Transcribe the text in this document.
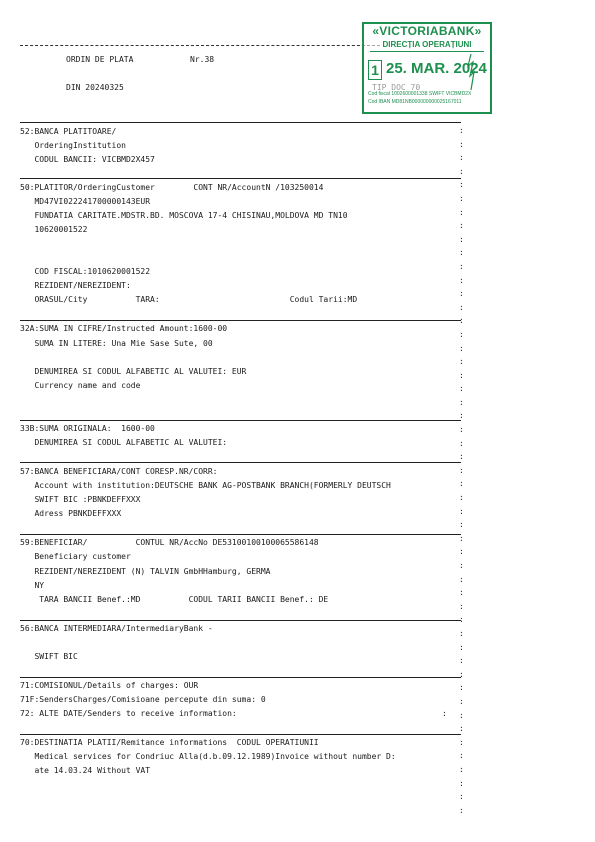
ORDIN DE PLATA	Nr.38
DIN 20240325
«VICTORIABANK»
DIRECȚIA OPERAȚIUNI
1 25. MAR. 2024
Cod fiscal 1002600001338 SWIFT VICBMD2X
Cod IBAN MD81NB000000000025167011
:
:
:
:
:
:
:
:
:
:
:
:
:
:
:
:
:
:
:
:
:
:
:
:
:
:
:
:
:
:
:
:
:
:
:
:
:
:
:
:
:
:
:
:
:
:
:
:
:
:
:
52:BANCA PLATITOARE/
OrderingInstitution
CODUL BANCII: VICBMD2X457
50:PLATITOR/OrderingCustomer        CONT NR/AccountN /103250014
MD47VI022241700000143EUR
FUNDATIA CARITATE.MDSTR.BD. MOSCOVA 17-4 CHISINAU,MOLDOVA MD TN10
10620001522
COD FISCAL:1010620001522
REZIDENT/NEREZIDENT:
ORASUL/City          TARA:                           Codul Tarii:MD
32A:SUMA IN CIFRE/Instructed Amount:1600-00
SUMA IN LITERE: Una Mie Sase Sute, 00
DENUMIREA SI CODUL ALFABETIC AL VALUTEI: EUR
Currency name and code
33B:SUMA ORIGINALA:  1600-00
DENUMIREA SI CODUL ALFABETIC AL VALUTEI:
57:BANCA BENEFICIARA/CONT CORESP.NR/CORR:
Account with institution:DEUTSCHE BANK AG-POSTBANK BRANCH(FORMERLY DEUTSCH
SWIFT BIC :PBNKDEFFXXX
Adress PBNKDEFFXXX
59:BENEFICIAR/          CONTUL NR/AccNo DE53100100100065586148
Beneficiary customer
REZIDENT/NEREZIDENT (N) TALVIN GmbHHamburg, GERMA
NY
TARA BANCII Benef.:MD          CODUL TARII BANCII Benef.: DE
56:BANCA INTERMEDIARA/IntermediaryBank -
SWIFT BIC
71:COMISIONUL/Details of charges: OUR
71F:SendersCharges/Comisioane percepute din suma: 0
72: ALTE DATE/Senders to receive information:	:
70:DESTINATIA PLATII/Remitance informations  CODUL OPERATIUNII
Medical services for Condriuc Alla(d.b.09.12.1989)Invoice without number D:
ate 14.03.24 Without VAT
